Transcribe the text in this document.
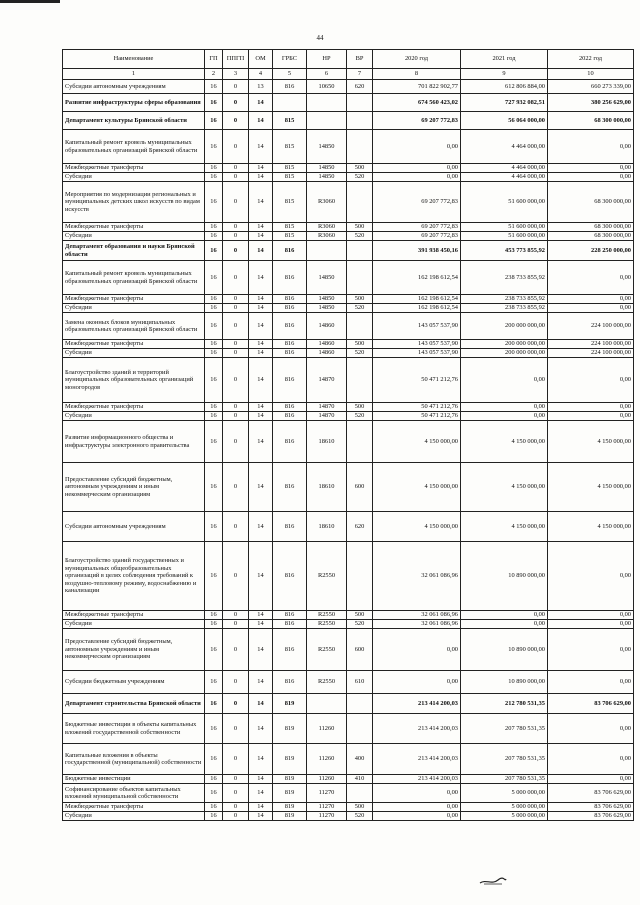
44
Наименование	ГП	ППГП	ОМ	ГРБС	НР	ВР	2020 год	2021 год	2022 год
1	2	3	4	5	6	7	8	9	10
Субсидии автономным учреждениям	16	0	13	816	10650	620	701 822 902,77	612 806 884,00	660 273 339,00
Развитие инфраструктуры сферы образования	16	0	14				674 560 423,02	727 932 082,51	380 256 629,00
Департамент культуры Брянской области	16	0	14	815			69 207 772,83	56 064 000,00	68 300 000,00
Капитальный ремонт кровель муниципальных образовательных организаций Брянской области	16	0	14	815	14850		0,00	4 464 000,00	0,00
Межбюджетные трансферты	16	0	14	815	14850	500	0,00	4 464 000,00	0,00
Субсидии	16	0	14	815	14850	520	0,00	4 464 000,00	0,00
Мероприятия по модернизации региональных и муниципальных детских школ искусств по видам искусств	16	0	14	815	R3060		69 207 772,83	51 600 000,00	68 300 000,00
Межбюджетные трансферты	16	0	14	815	R3060	500	69 207 772,83	51 600 000,00	68 300 000,00
Субсидии	16	0	14	815	R3060	520	69 207 772,83	51 600 000,00	68 300 000,00
Департамент образования и науки Брянской области	16	0	14	816			391 938 450,16	453 773 855,92	228 250 000,00
Капитальный ремонт кровель муниципальных образовательных организаций Брянской области	16	0	14	816	14850		162 198 612,54	238 733 855,92	0,00
Межбюджетные трансферты	16	0	14	816	14850	500	162 198 612,54	238 733 855,92	0,00
Субсидии	16	0	14	816	14850	520	162 198 612,54	238 733 855,92	0,00
Замена оконных блоков муниципальных образовательных организаций Брянской области	16	0	14	816	14860		143 057 537,90	200 000 000,00	224 100 000,00
Межбюджетные трансферты	16	0	14	816	14860	500	143 057 537,90	200 000 000,00	224 100 000,00
Субсидии	16	0	14	816	14860	520	143 057 537,90	200 000 000,00	224 100 000,00
Благоустройство зданий и территорий муниципальных образовательных организаций моногородов	16	0	14	816	14870		50 471 212,76	0,00	0,00
Межбюджетные трансферты	16	0	14	816	14870	500	50 471 212,76	0,00	0,00
Субсидии	16	0	14	816	14870	520	50 471 212,76	0,00	0,00
Развитие информационного общества и инфраструктуры электронного правительства	16	0	14	816	18610		4 150 000,00	4 150 000,00	4 150 000,00
Предоставление субсидий бюджетным, автономным учреждениям и иным некоммерческим организациям	16	0	14	816	18610	600	4 150 000,00	4 150 000,00	4 150 000,00
Субсидии автономным учреждениям	16	0	14	816	18610	620	4 150 000,00	4 150 000,00	4 150 000,00
Благоустройство зданий государственных и муниципальных общеобразовательных организаций в целях соблюдения требований к воздушно-тепловому режиму, водоснабжению и канализации	16	0	14	816	R2550		32 061 086,96	10 890 000,00	0,00
Межбюджетные трансферты	16	0	14	816	R2550	500	32 061 086,96	0,00	0,00
Субсидии	16	0	14	816	R2550	520	32 061 086,96	0,00	0,00
Предоставление субсидий бюджетным, автономным учреждениям и иным некоммерческим организациям	16	0	14	816	R2550	600	0,00	10 890 000,00	0,00
Субсидии бюджетным учреждениям	16	0	14	816	R2550	610	0,00	10 890 000,00	0,00
Департамент строительства Брянской области	16	0	14	819			213 414 200,03	212 780 531,35	83 706 629,00
Бюджетные инвестиции в объекты капитальных вложений государственной собственности	16	0	14	819	11260		213 414 200,03	207 780 531,35	0,00
Капитальные вложения в объекты государственной (муниципальной) собственности	16	0	14	819	11260	400	213 414 200,03	207 780 531,35	0,00
Бюджетные инвестиции	16	0	14	819	11260	410	213 414 200,03	207 780 531,35	0,00
Софинансирование объектов капитальных вложений муниципальной собственности	16	0	14	819	11270		0,00	5 000 000,00	83 706 629,00
Межбюджетные трансферты	16	0	14	819	11270	500	0,00	5 000 000,00	83 706 629,00
Субсидии	16	0	14	819	11270	520	0,00	5 000 000,00	83 706 629,00
